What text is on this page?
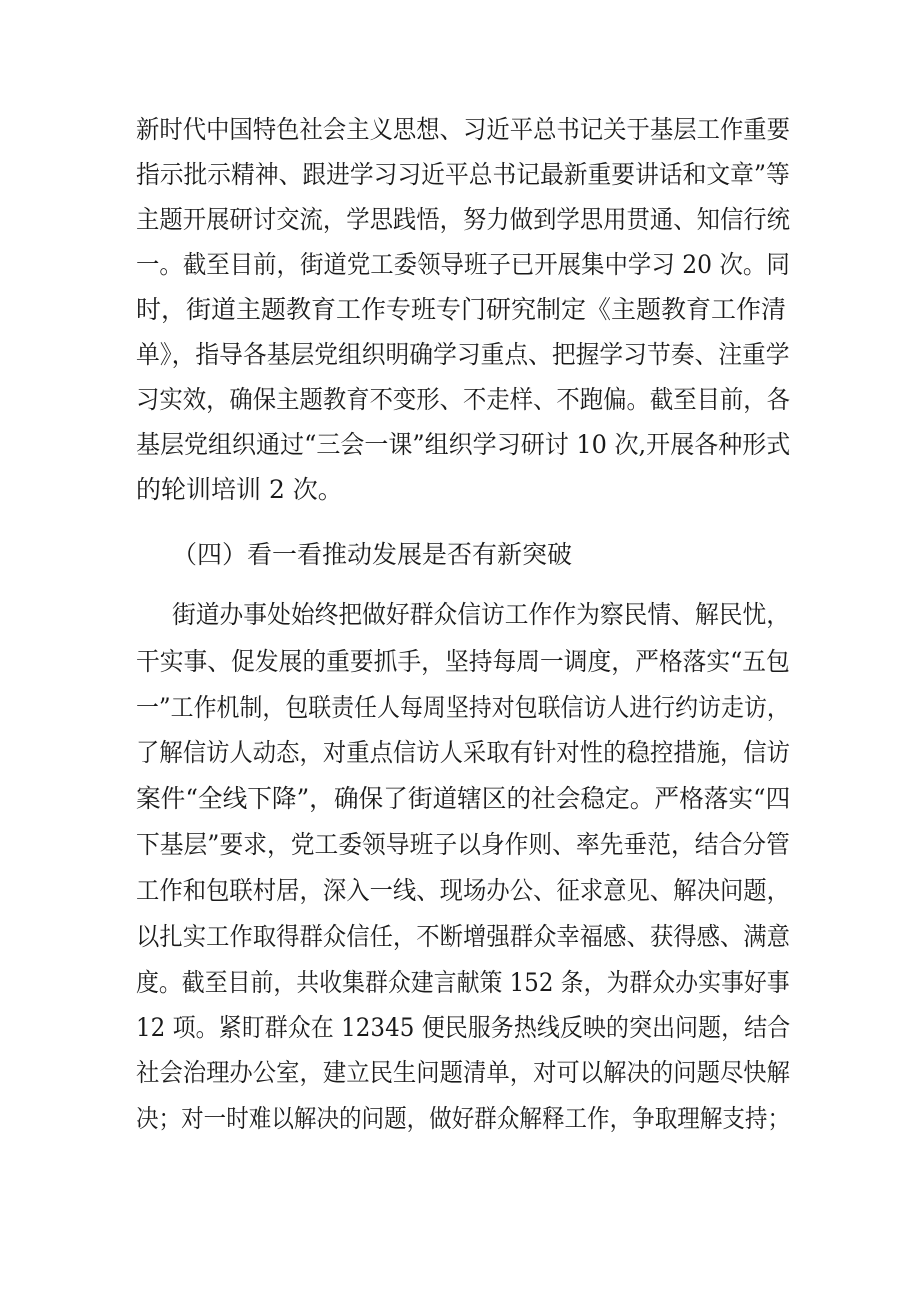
新时代中国特色社会主义思想、习近平总书记关于基层工作重要

指示批示精神、跟进学习习近平总书记最新重要讲话和文章”等

主题开展研讨交流，学思践悟，努力做到学思用贯通、知信行统

一。截至目前，街道党工委领导班子已开展集中学习 20 次。同

时，街道主题教育工作专班专门研究制定《主题教育工作清

单》，指导各基层党组织明确学习重点、把握学习节奏、注重学

习实效，确保主题教育不变形、不走样、不跑偏。截至目前，各

基层党组织通过“三会一课”组织学习研讨 10 次,开展各种形式

的轮训培训 2 次。

（四）看一看推动发展是否有新突破

街道办事处始终把做好群众信访工作作为察民情、解民忧，

干实事、促发展的重要抓手，坚持每周一调度，严格落实“五包

一”工作机制，包联责任人每周坚持对包联信访人进行约访走访，

了解信访人动态，对重点信访人采取有针对性的稳控措施，信访

案件“全线下降”，确保了街道辖区的社会稳定。严格落实“四

下基层”要求，党工委领导班子以身作则、率先垂范，结合分管

工作和包联村居，深入一线、现场办公、征求意见、解决问题，

以扎实工作取得群众信任，不断增强群众幸福感、获得感、满意

度。截至目前，共收集群众建言献策 152 条，为群众办实事好事

12 项。紧盯群众在 12345 便民服务热线反映的突出问题，结合

社会治理办公室，建立民生问题清单，对可以解决的问题尽快解

决；对一时难以解决的问题，做好群众解释工作，争取理解支持；
